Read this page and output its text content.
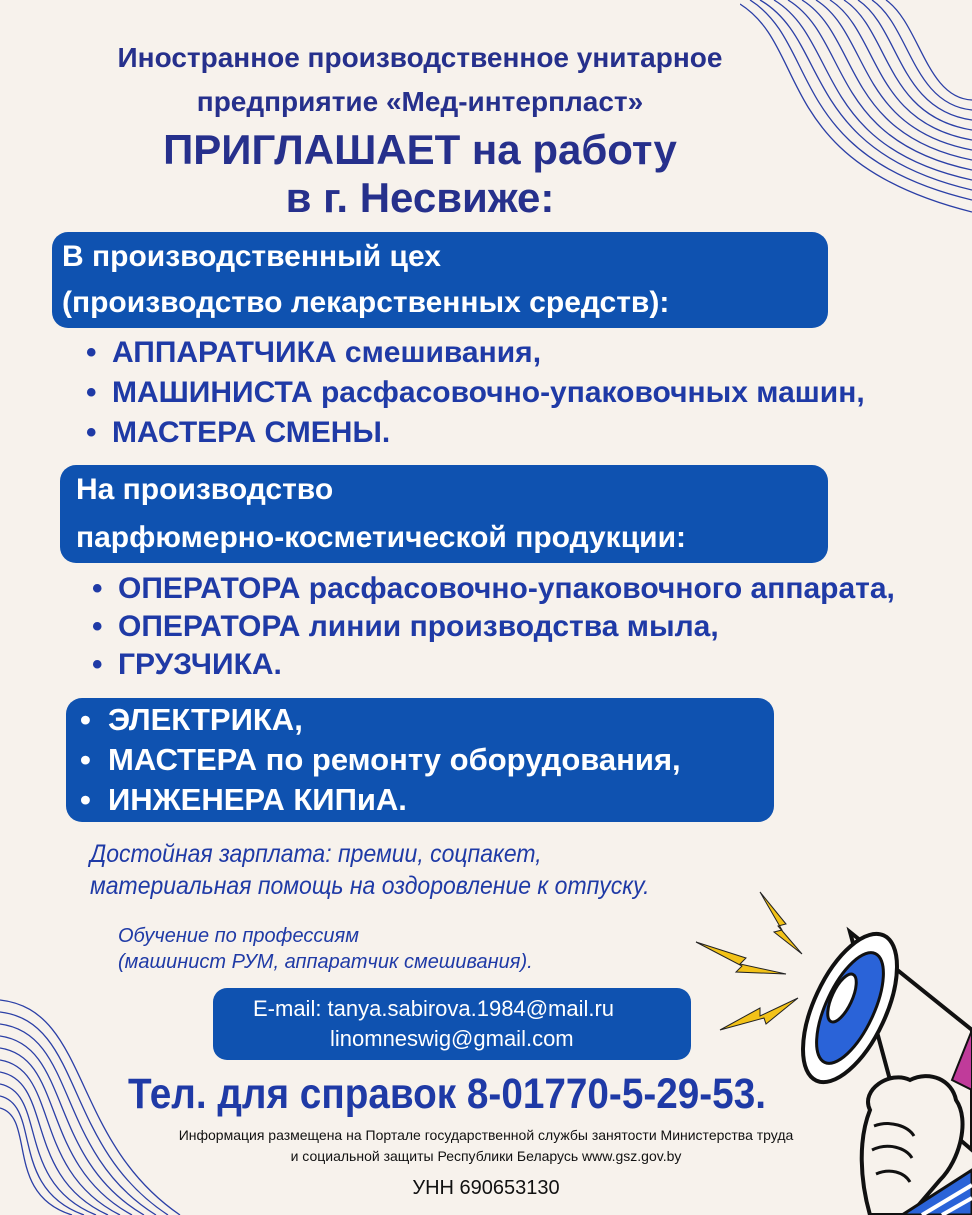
Иностранное производственное унитарное
предприятие «Мед-интерпласт»
ПРИГЛАШАЕТ на работу
в г. Несвиже:
В производственный цех
(производство лекарственных средств):
• АППАРАТЧИКА смешивания,
• МАШИНИСТА расфасовочно-упаковочных машин,
• МАСТЕРА СМЕНЫ.
На производство
парфюмерно-косметической продукции:
• ОПЕРАТОРА расфасовочно-упаковочного аппарата,
• ОПЕРАТОРА линии производства мыла,
• ГРУЗЧИКА.
• ЭЛЕКТРИКА,
• МАСТЕРА по ремонту оборудования,
• ИНЖЕНЕРА КИПиА.
Достойная зарплата: премии, соцпакет,
материальная помощь на оздоровление к отпуску.
Обучение по профессиям
(машинист РУМ, аппаратчик смешивания).
E-mail: tanya.sabirova.1984@mail.ru
linomneswig@gmail.com
Тел. для справок 8-01770-5-29-53.
Информация размещена на Портале государственной службы занятости Министерства труда
и социальной защиты Республики Беларусь www.gsz.gov.by
УНН 690653130
